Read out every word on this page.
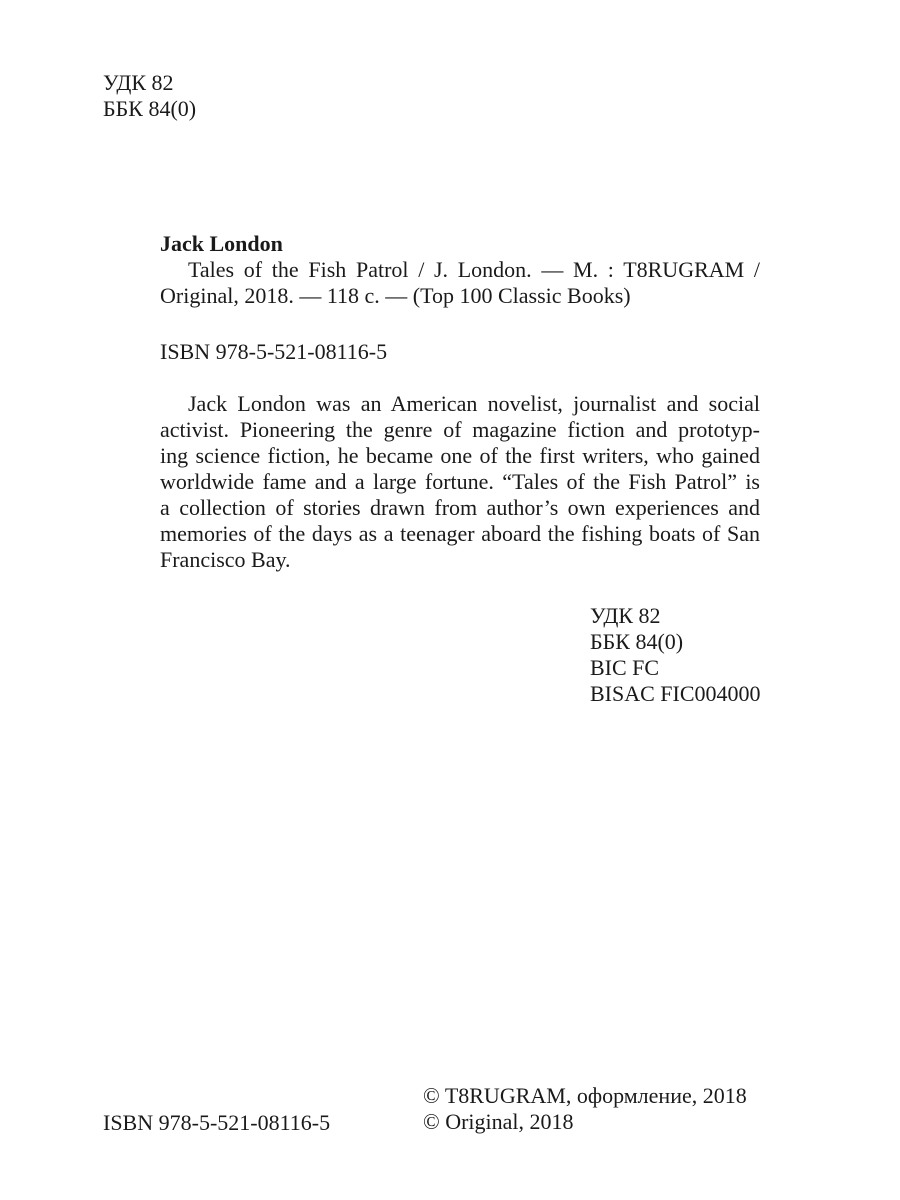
УДК 82
ББК 84(0)
Jack London
Tales of the Fish Patrol / J. London. — M. : T8RUGRAM /
Original, 2018. — 118 с. — (Top 100 Classic Books)
ISBN 978-5-521-08116-5
Jack London was an American novelist, journalist and social
activist. Pioneering the genre of magazine fiction and prototyp-
ing science fiction, he became one of the first writers, who gained
worldwide fame and a large fortune. “Tales of the Fish Patrol” is
a collection of stories drawn from author’s own experiences and
memories of the days as a teenager aboard the fishing boats of San
Francisco Bay.
УДК 82
ББК 84(0)
BIC FC
BISAC FIC004000
ISBN 978-5-521-08116-5
© T8RUGRAM, оформление, 2018
© Original, 2018
